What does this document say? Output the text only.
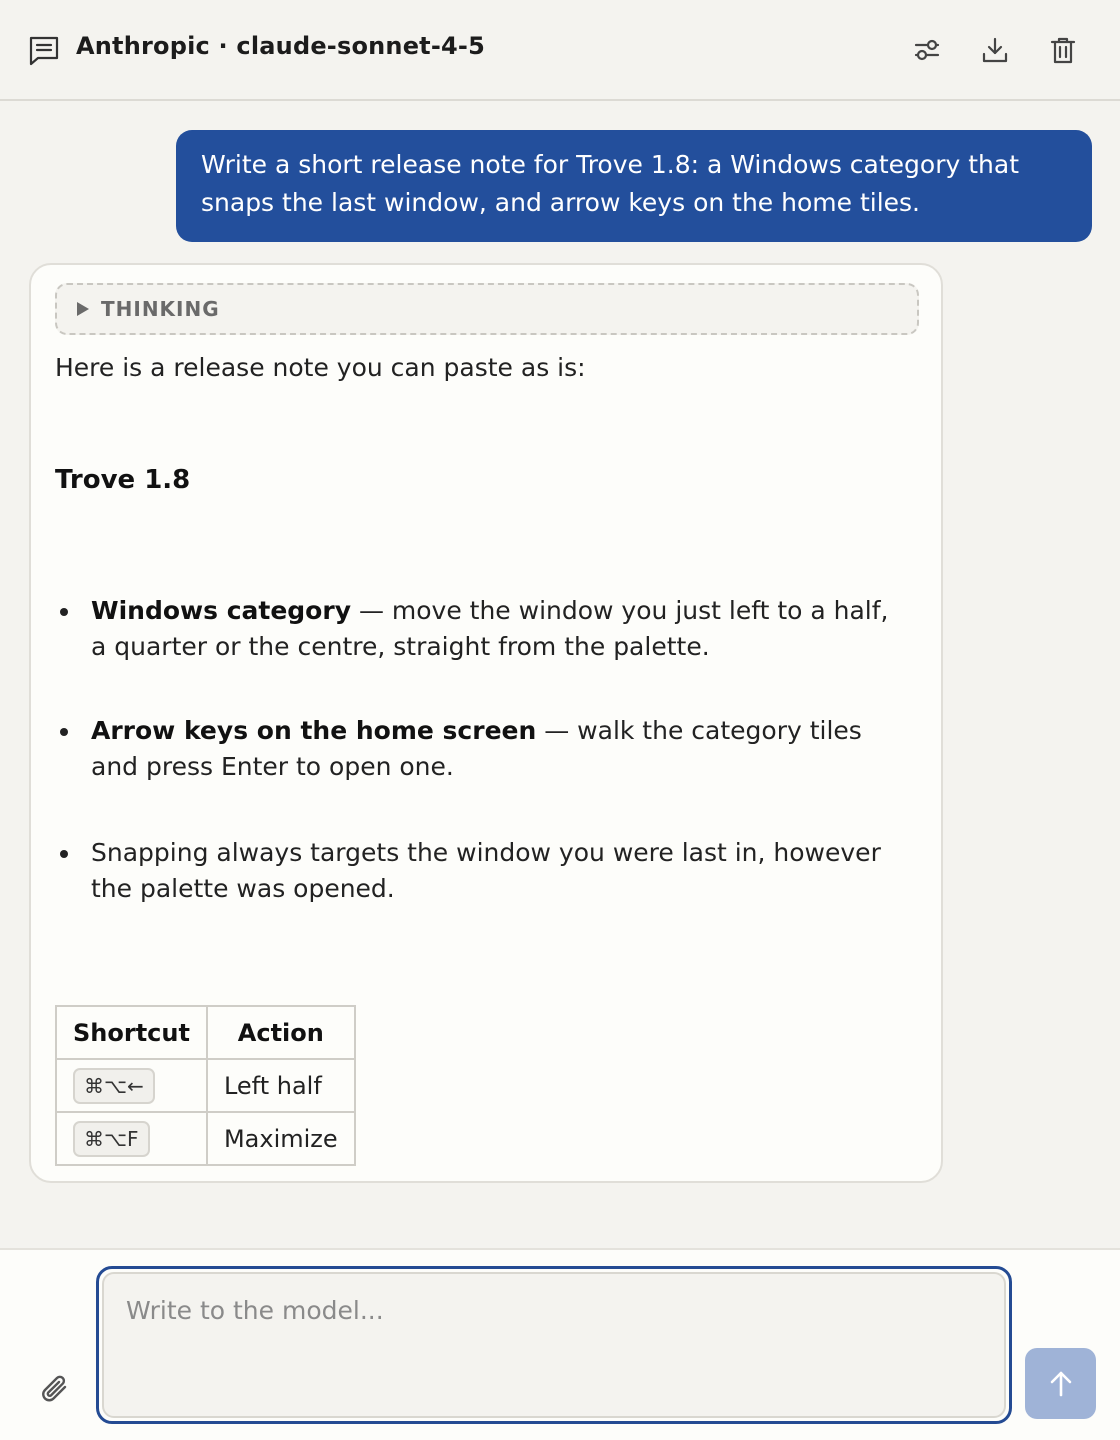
Anthropic · claude-sonnet-4-5
Write a short release note for Trove 1.8: a Windows category that snaps the last window, and arrow keys on the home tiles.
THINKING
Here is a release note you can paste as is:
Trove 1.8
Windows category — move the window you just left to a half, a quarter or the centre, straight from the palette.
Arrow keys on the home screen — walk the category tiles and press Enter to open one.
Snapping always targets the window you were last in, however the palette was opened.
Shortcut	Action
⌘⌥←	Left half
⌘⌥F	Maximize
Write to the model...
